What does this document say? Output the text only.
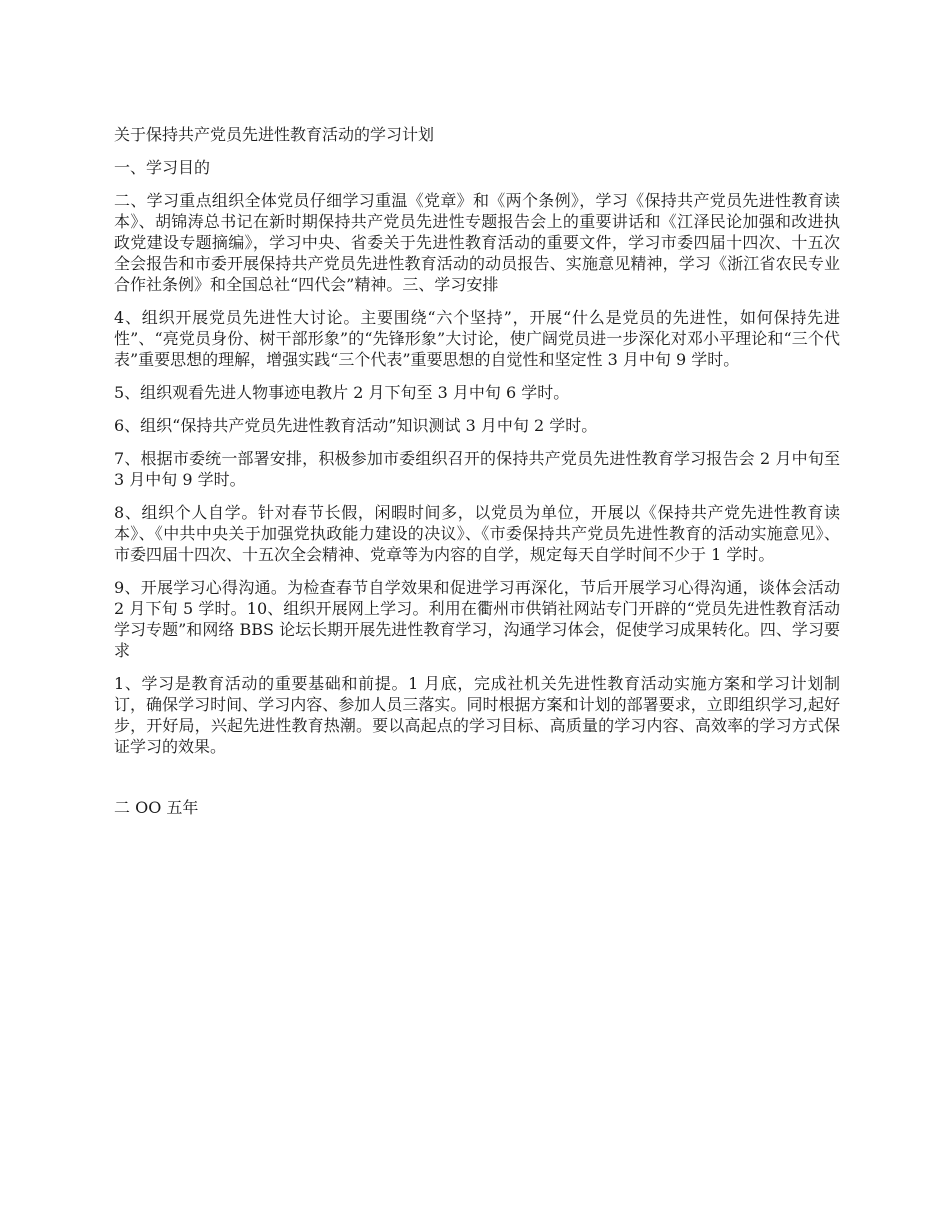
关于保持共产党员先进性教育活动的学习计划

一、学习目的

二、学习重点组织全体党员仔细学习重温《党章》和《两个条例》，学习《保持共产党员先进性教育读本》、胡锦涛总书记在新时期保持共产党员先进性专题报告会上的重要讲话和《江泽民论加强和改进执政党建设专题摘编》，学习中央、省委关于先进性教育活动的重要文件，学习市委四届十四次、十五次全会报告和市委开展保持共产党员先进性教育活动的动员报告、实施意见精神，学习《浙江省农民专业合作社条例》和全国总社“四代会”精神。三、学习安排

4、组织开展党员先进性大讨论。主要围绕“六个坚持”，开展“什么是党员的先进性，如何保持先进性”、“亮党员身份、树干部形象”的“先锋形象”大讨论，使广阔党员进一步深化对邓小平理论和“三个代表”重要思想的理解，增强实践“三个代表”重要思想的自觉性和坚定性 3 月中旬 9 学时。

5、组织观看先进人物事迹电教片 2 月下旬至 3 月中旬 6 学时。

6、组织“保持共产党员先进性教育活动”知识测试 3 月中旬 2 学时。

7、根据市委统一部署安排，积极参加市委组织召开的保持共产党员先进性教育学习报告会 2 月中旬至 3 月中旬 9 学时。

8、组织个人自学。针对春节长假，闲暇时间多，以党员为单位，开展以《保持共产党先进性教育读本》、《中共中央关于加强党执政能力建设的决议》、《市委保持共产党员先进性教育的活动实施意见》、市委四届十四次、十五次全会精神、党章等为内容的自学，规定每天自学时间不少于 1 学时。

9、开展学习心得沟通。为检查春节自学效果和促进学习再深化，节后开展学习心得沟通，谈体会活动 2 月下旬 5 学时。10、组织开展网上学习。利用在衢州市供销社网站专门开辟的“党员先进性教育活动学习专题”和网络 BBS 论坛长期开展先进性教育学习，沟通学习体会，促使学习成果转化。四、学习要求

1、学习是教育活动的重要基础和前提。1 月底，完成社机关先进性教育活动实施方案和学习计划制订，确保学习时间、学习内容、参加人员三落实。同时根据方案和计划的部署要求，立即组织学习,起好步，开好局，兴起先进性教育热潮。要以高起点的学习目标、高质量的学习内容、高效率的学习方式保证学习的效果。

二 OO 五年
